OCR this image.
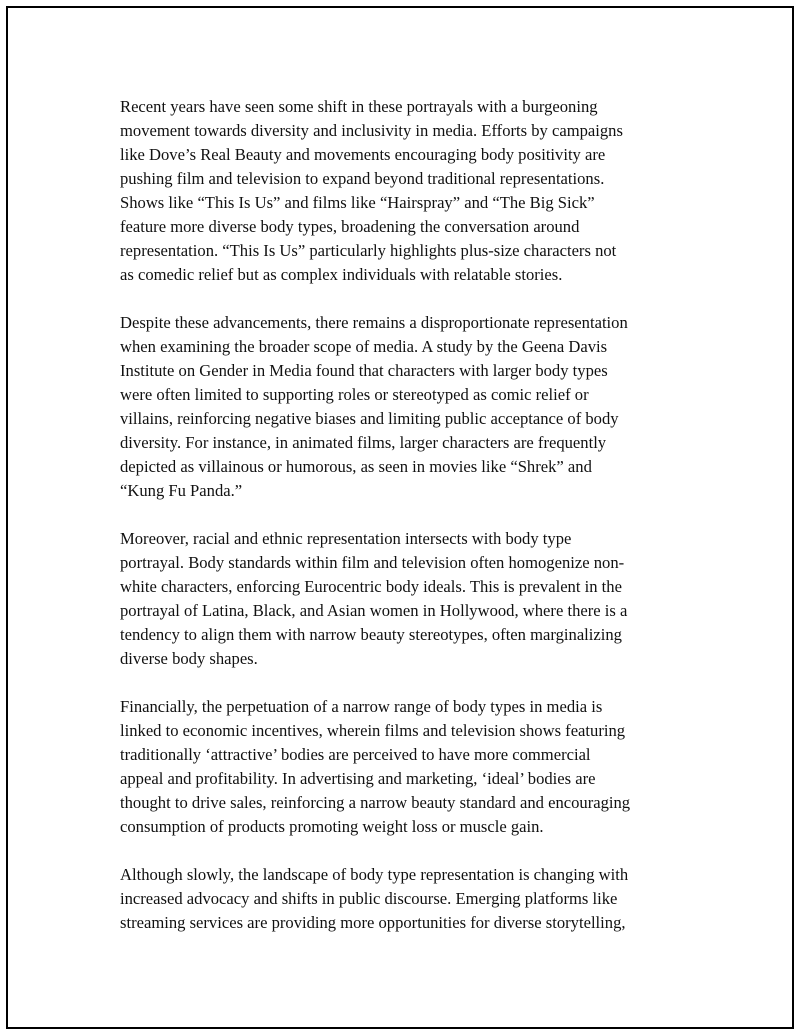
Recent years have seen some shift in these portrayals with a burgeoning
movement towards diversity and inclusivity in media. Efforts by campaigns
like Dove’s Real Beauty and movements encouraging body positivity are
pushing film and television to expand beyond traditional representations.
Shows like “This Is Us” and films like “Hairspray” and “The Big Sick”
feature more diverse body types, broadening the conversation around
representation. “This Is Us” particularly highlights plus-size characters not
as comedic relief but as complex individuals with relatable stories.

Despite these advancements, there remains a disproportionate representation
when examining the broader scope of media. A study by the Geena Davis
Institute on Gender in Media found that characters with larger body types
were often limited to supporting roles or stereotyped as comic relief or
villains, reinforcing negative biases and limiting public acceptance of body
diversity. For instance, in animated films, larger characters are frequently
depicted as villainous or humorous, as seen in movies like “Shrek” and
“Kung Fu Panda.”

Moreover, racial and ethnic representation intersects with body type
portrayal. Body standards within film and television often homogenize non-
white characters, enforcing Eurocentric body ideals. This is prevalent in the
portrayal of Latina, Black, and Asian women in Hollywood, where there is a
tendency to align them with narrow beauty stereotypes, often marginalizing
diverse body shapes.

Financially, the perpetuation of a narrow range of body types in media is
linked to economic incentives, wherein films and television shows featuring
traditionally ‘attractive’ bodies are perceived to have more commercial
appeal and profitability. In advertising and marketing, ‘ideal’ bodies are
thought to drive sales, reinforcing a narrow beauty standard and encouraging
consumption of products promoting weight loss or muscle gain.

Although slowly, the landscape of body type representation is changing with
increased advocacy and shifts in public discourse. Emerging platforms like
streaming services are providing more opportunities for diverse storytelling,
